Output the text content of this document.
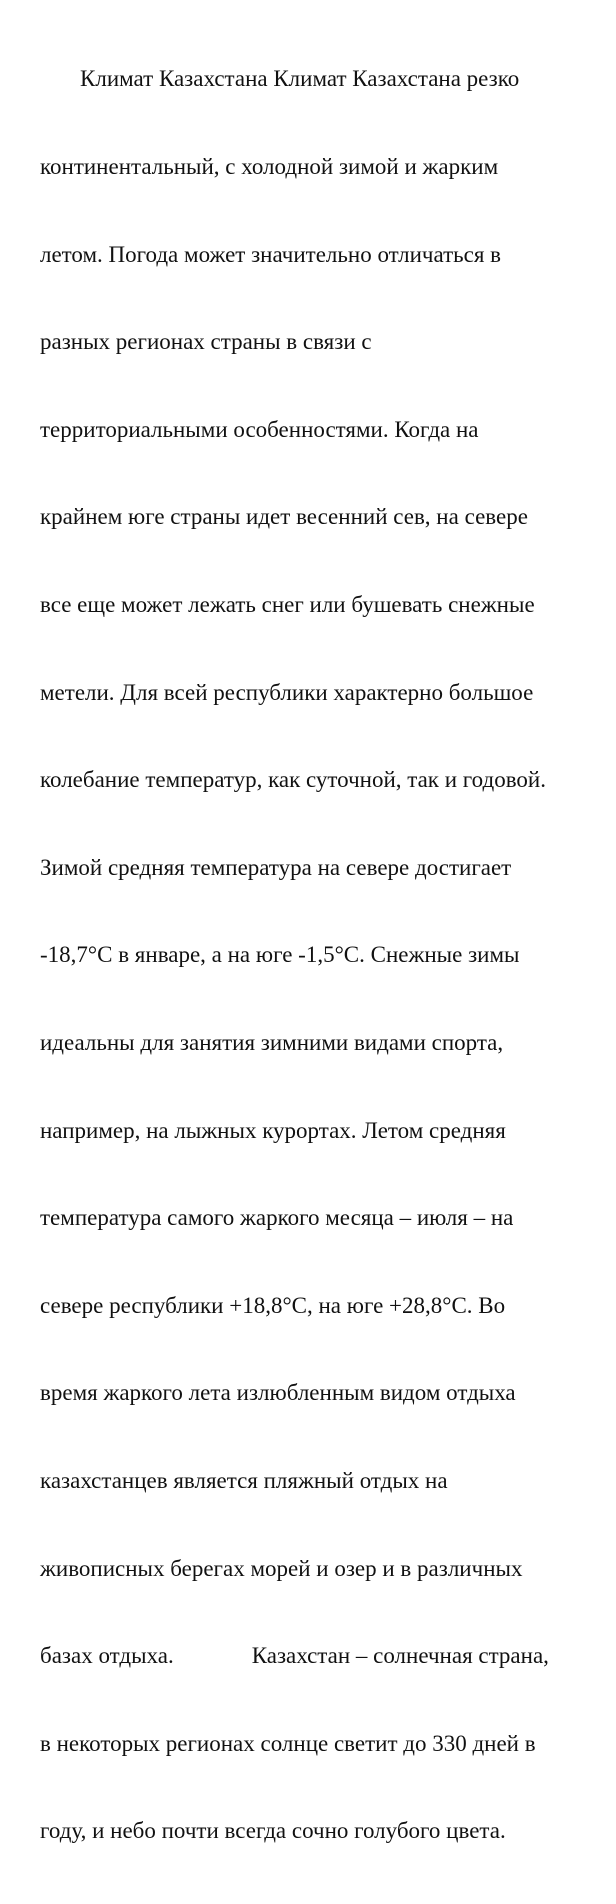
Климат Казахстана Климат Казахстана резко

континентальный, с холодной зимой и жарким

летом. Погода может значительно отличаться в

разных регионах страны в связи с

территориальными особенностями. Когда на

крайнем юге страны идет весенний сев, на севере

все еще может лежать снег или бушевать снежные

метели. Для всей республики характерно большое

колебание температур, как суточной, так и годовой.

Зимой средняя температура на севере достигает

-18,7°С в январе, а на юге -1,5°С. Снежные зимы

идеальны для занятия зимними видами спорта,

например, на лыжных курортах. Летом средняя

температура самого жаркого месяца – июля – на

севере республики +18,8°С, на юге +28,8°С. Во

время жаркого лета излюбленным видом отдыха

казахстанцев является пляжный отдых на

живописных берегах морей и озер и в различных

базах отдыха.	Казахстан – солнечная страна,

в некоторых регионах солнце светит до 330 дней в

году, и небо почти всегда сочно голубого цвета.
